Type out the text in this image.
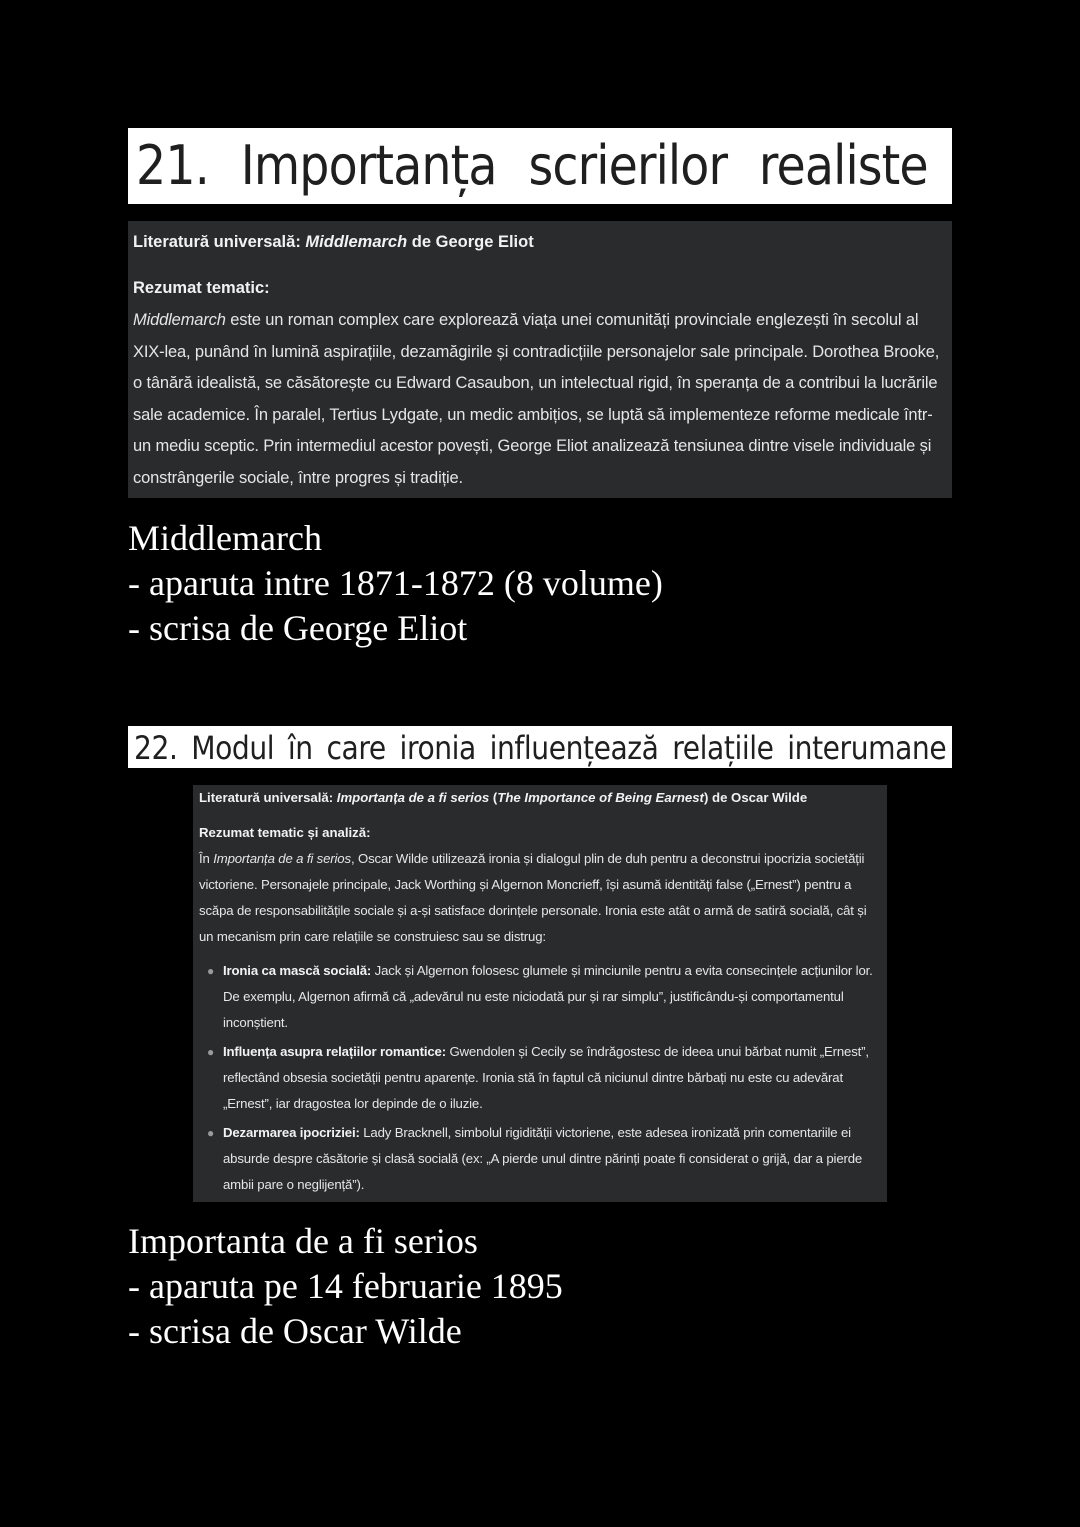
21. Importanța scrierilor realiste
Literatură universală: Middlemarch de George Eliot
Rezumat tematic:
Middlemarch este un roman complex care explorează viața unei comunități provinciale englezești în secolul al XIX-lea, punând în lumină aspirațiile, dezamăgirile și contradicțiile personajelor sale principale. Dorothea Brooke, o tânără idealistă, se căsătorește cu Edward Casaubon, un intelectual rigid, în speranța de a contribui la lucrările sale academice. În paralel, Tertius Lydgate, un medic ambițios, se luptă să implementeze reforme medicale într-un mediu sceptic. Prin intermediul acestor povești, George Eliot analizează tensiunea dintre visele individuale și constrângerile sociale, între progres și tradiție.
Middlemarch
- aparuta intre 1871-1872 (8 volume)
- scrisa de George Eliot
22. Modul în care ironia influențează relațiile interumane
Literatură universală: Importanța de a fi serios (The Importance of Being Earnest) de Oscar Wilde
Rezumat tematic și analiză:
În Importanța de a fi serios, Oscar Wilde utilizează ironia și dialogul plin de duh pentru a deconstrui ipocrizia societății victoriene. Personajele principale, Jack Worthing și Algernon Moncrieff, își asumă identități false („Ernest”) pentru a scăpa de responsabilitățile sociale și a-și satisface dorințele personale. Ironia este atât o armă de satiră socială, cât și un mecanism prin care relațiile se construiesc sau se distrug:
● Ironia ca mască socială: Jack și Algernon folosesc glumele și minciunile pentru a evita consecințele acțiunilor lor. De exemplu, Algernon afirmă că „adevărul nu este niciodată pur și rar simplu”, justificându-și comportamentul inconștient.
● Influența asupra relațiilor romantice: Gwendolen și Cecily se îndrăgostesc de ideea unui bărbat numit „Ernest”, reflectând obsesia societății pentru aparențe. Ironia stă în faptul că niciunul dintre bărbați nu este cu adevărat „Ernest”, iar dragostea lor depinde de o iluzie.
● Dezarmarea ipocriziei: Lady Bracknell, simbolul rigidității victoriene, este adesea ironizată prin comentariile ei absurde despre căsătorie și clasă socială (ex: „A pierde unul dintre părinți poate fi considerat o grijă, dar a pierde ambii pare o neglijență”).
Importanta de a fi serios
- aparuta pe 14 februarie 1895
- scrisa de Oscar Wilde
